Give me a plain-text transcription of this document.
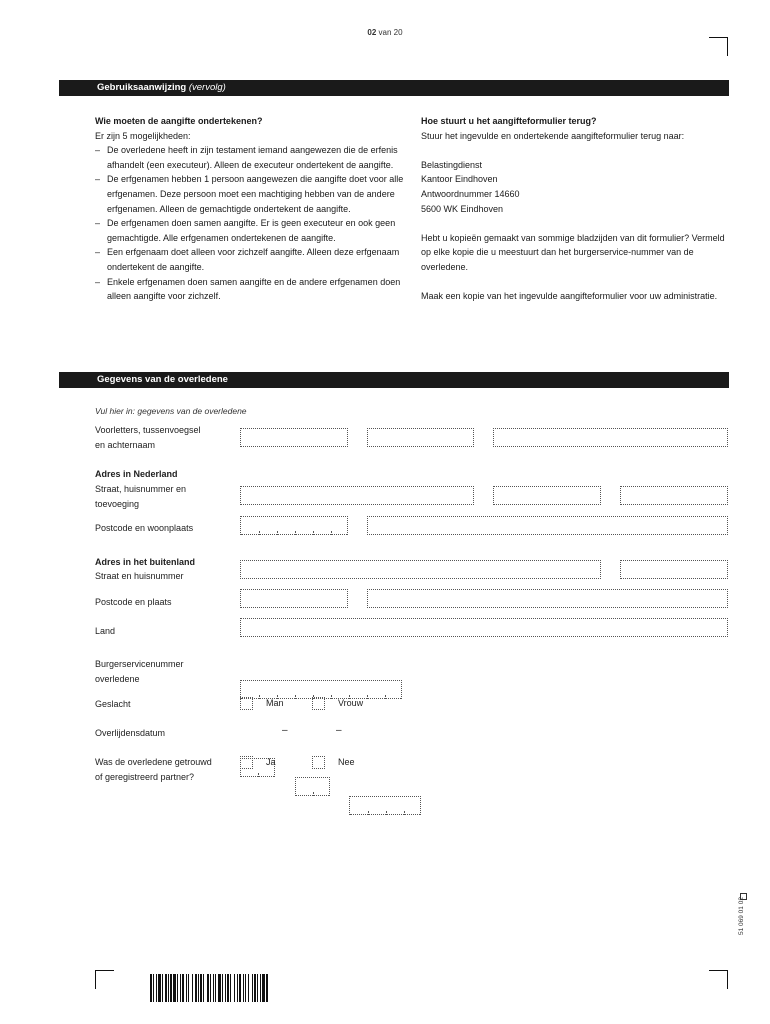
02 van 20
Gebruiksaanwijzing (vervolg)
Wie moeten de aangifte ondertekenen?

Er zijn 5 mogelijkheden:

– De overledene heeft in zijn testament iemand aangewezen die de erfenis afhandelt (een executeur). Alleen de executeur ondertekent de aangifte.
– De erfgenamen hebben 1 persoon aangewezen die aangifte doet voor alle erfgenamen. Deze persoon moet een machtiging hebben van de andere erfgenamen. Alleen de gemachtigde ondertekent de aangifte.
– De erfgenamen doen samen aangifte. Er is geen executeur en ook geen gemachtigde. Alle erfgenamen ondertekenen de aangifte.
– Een erfgenaam doet alleen voor zichzelf aangifte. Alleen deze erfgenaam ondertekent de aangifte.
– Enkele erfgenamen doen samen aangifte en de andere erfgenamen doen alleen aangifte voor zichzelf.
Hoe stuurt u het aangifteformulier terug?

Stuur het ingevulde en ondertekende aangifteformulier terug naar:

Belastingdienst

Kantoor Eindhoven

Antwoordnummer 14660

5600 WK Eindhoven

Hebt u kopieën gemaakt van sommige bladzijden van dit formulier? Vermeld op elke kopie die u meestuurt dan het burgerservice-nummer van de overledene.

Maak een kopie van het ingevulde aangifteformulier voor uw administratie.

Gegevens van de overledene
Vul hier in: gegevens van de overledene
Voorletters, tussenvoegsel
en achternaam
Adres in Nederland
Straat, huisnummer en
toevoeging
Postcode en woonplaats
Adres in het buitenland
Straat en huisnummer
Postcode en plaats
Land
Burgerservicenummer
overledene
Geslacht	Man	Vrouw
Overlijdensdatum	–	–
Was de overledene getrouwd
of geregistreerd partner?
Ja	Nee
51 069 01 02
